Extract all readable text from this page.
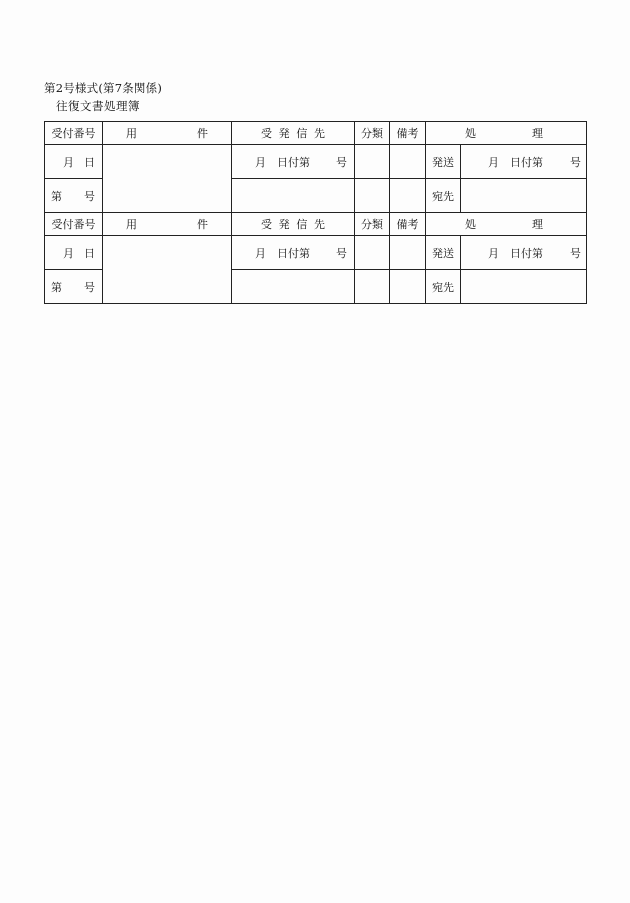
第2号様式(第7条関係)
往復文書処理簿
受付番号	用 件	受 発 信 先	分類	備考	処 理	

月 日		月 日付第 号			発送	月 日付第 号

第 号					宛先	
受付番号	用 件	受 発 信 先	分類	備考	処 理	

月 日		月 日付第 号			発送	月 日付第 号

第 号					宛先	
